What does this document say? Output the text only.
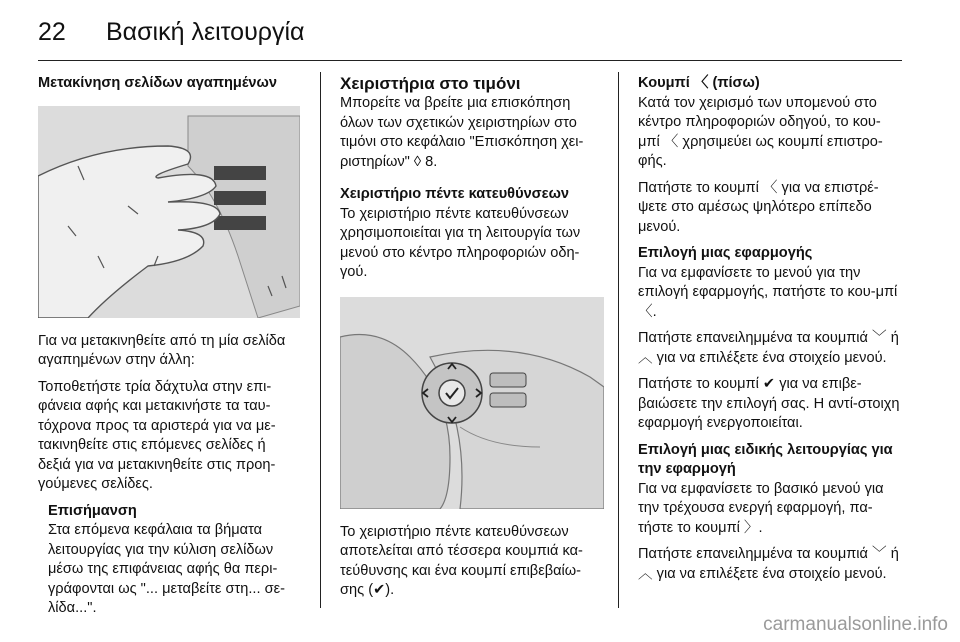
22 Βασική λειτουργία
Μετακίνηση σελίδων αγαπημένων

Για να μετακινηθείτε από τη μία σελίδα αγαπημένων στην άλλη:

Τοποθετήστε τρία δάχτυλα στην επι-φάνεια αφής και μετακινήστε τα ταυ-τόχρονα προς τα αριστερά για να με-τακινηθείτε στις επόμενες σελίδες ή δεξιά για να μετακινηθείτε στις προη-γούμενες σελίδες.

Επισήμανση
Στα επόμενα κεφάλαια τα βήματα λειτουργίας για την κύλιση σελίδων μέσω της επιφάνειας αφής θα περι-γράφονται ως "... μεταβείτε στη... σε-λίδα...".
Χειριστήρια στο τιμόνι

Μπορείτε να βρείτε μια επισκόπηση όλων των σχετικών χειριστηρίων στο τιμόνι στο κεφάλαιο "Επισκόπηση χει-ριστηρίων" ◊ 8.

Χειριστήριο πέντε κατευθύνσεων

Το χειριστήριο πέντε κατευθύνσεων χρησιμοποιείται για τη λειτουργία των μενού στο κέντρο πληροφοριών οδη-γού.

Το χειριστήριο πέντε κατευθύνσεων αποτελείται από τέσσερα κουμπιά κα-τεύθυνσης και ένα κουμπί επιβεβαίω-σης (✔).

Κουμπί 〈 (πίσω)

Κατά τον χειρισμό των υπομενού στο κέντρο πληροφοριών οδηγού, το κου-μπί 〈 χρησιμεύει ως κουμπί επιστρο-φής.

Πατήστε το κουμπί 〈 για να επιστρέ-ψετε στο αμέσως ψηλότερο επίπεδο μενού.

Επιλογή μιας εφαρμογής

Για να εμφανίσετε το μενού για την επιλογή εφαρμογής, πατήστε το κου-μπί 〈.

Πατήστε επανειλημμένα τα κουμπιά ﹀ ή ︿ για να επιλέξετε ένα στοιχείο μενού.

Πατήστε το κουμπί ✔ για να επιβε-βαιώσετε την επιλογή σας. Η αντί-στοιχη εφαρμογή ενεργοποιείται.

Επιλογή μιας ειδικής λειτουργίας για την εφαρμογή

Για να εμφανίσετε το βασικό μενού για την τρέχουσα ενεργή εφαρμογή, πα-τήστε το κουμπί 〉.

Πατήστε επανειλημμένα τα κουμπιά ﹀ ή ︿ για να επιλέξετε ένα στοιχείο μενού.

carmanualsonline.info
